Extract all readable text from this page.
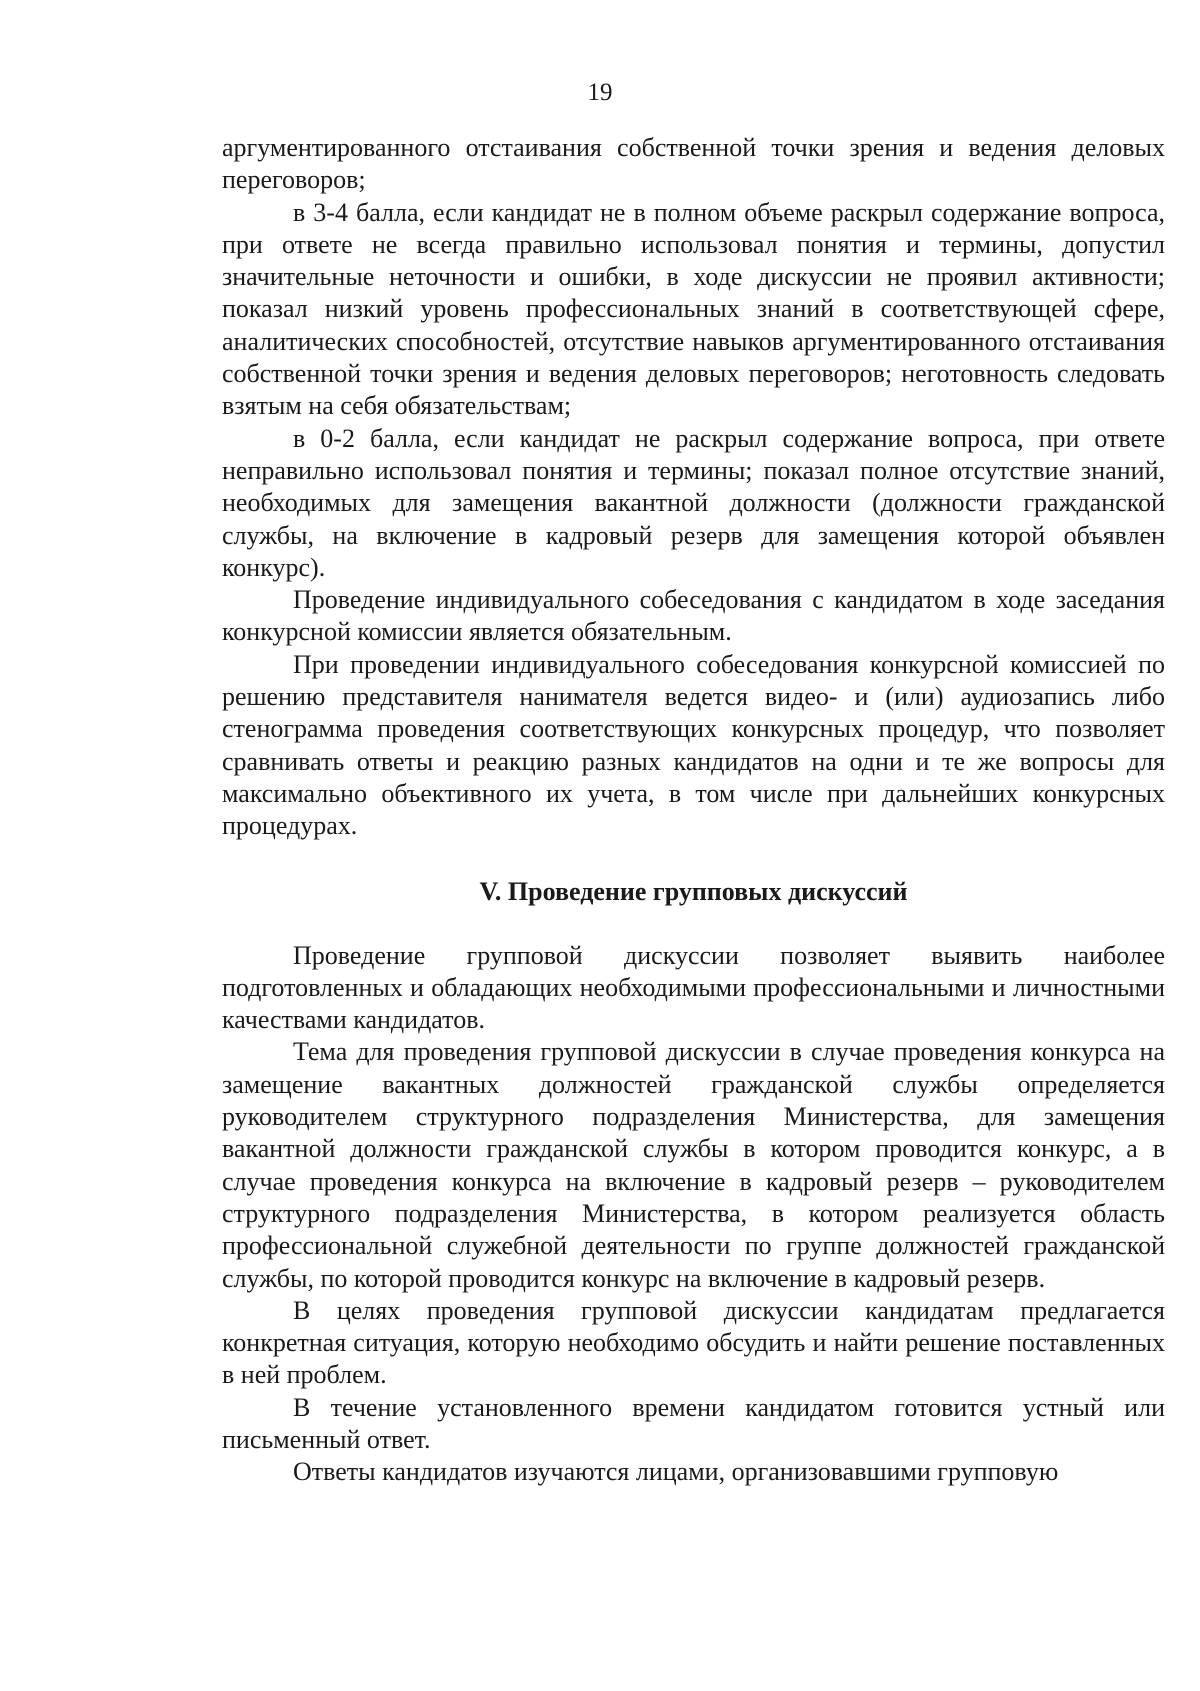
19

аргументированного отстаивания собственной точки зрения и ведения деловых переговоров;

в 3-4 балла, если кандидат не в полном объеме раскрыл содержание вопроса, при ответе не всегда правильно использовал понятия и термины, допустил значительные неточности и ошибки, в ходе дискуссии не проявил активности; показал низкий уровень профессиональных знаний в соответствующей сфере, аналитических способностей, отсутствие навыков аргументированного отстаивания собственной точки зрения и ведения деловых переговоров; неготовность следовать взятым на себя обязательствам;

в 0-2 балла, если кандидат не раскрыл содержание вопроса, при ответе неправильно использовал понятия и термины; показал полное отсутствие знаний, необходимых для замещения вакантной должности (должности гражданской службы, на включение в кадровый резерв для замещения которой объявлен конкурс).

Проведение индивидуального собеседования с кандидатом в ходе заседания конкурсной комиссии является обязательным.

При проведении индивидуального собеседования конкурсной комиссией по решению представителя нанимателя ведется видео- и (или) аудиозапись либо стенограмма проведения соответствующих конкурсных процедур, что позволяет сравнивать ответы и реакцию разных кандидатов на одни и те же вопросы для максимально объективного их учета, в том числе при дальнейших конкурсных процедурах.

V. Проведение групповых дискуссий

Проведение групповой дискуссии позволяет выявить наиболее подготовленных и обладающих необходимыми профессиональными и личностными качествами кандидатов.

Тема для проведения групповой дискуссии в случае проведения конкурса на замещение вакантных должностей гражданской службы определяется руководителем структурного подразделения Министерства, для замещения вакантной должности гражданской службы в котором проводится конкурс, а в случае проведения конкурса на включение в кадровый резерв – руководителем структурного подразделения Министерства, в котором реализуется область профессиональной служебной деятельности по группе должностей гражданской службы, по которой проводится конкурс на включение в кадровый резерв.

В целях проведения групповой дискуссии кандидатам предлагается конкретная ситуация, которую необходимо обсудить и найти решение поставленных в ней проблем.

В течение установленного времени кандидатом готовится устный или письменный ответ.

Ответы кандидатов изучаются лицами, организовавшими групповую
